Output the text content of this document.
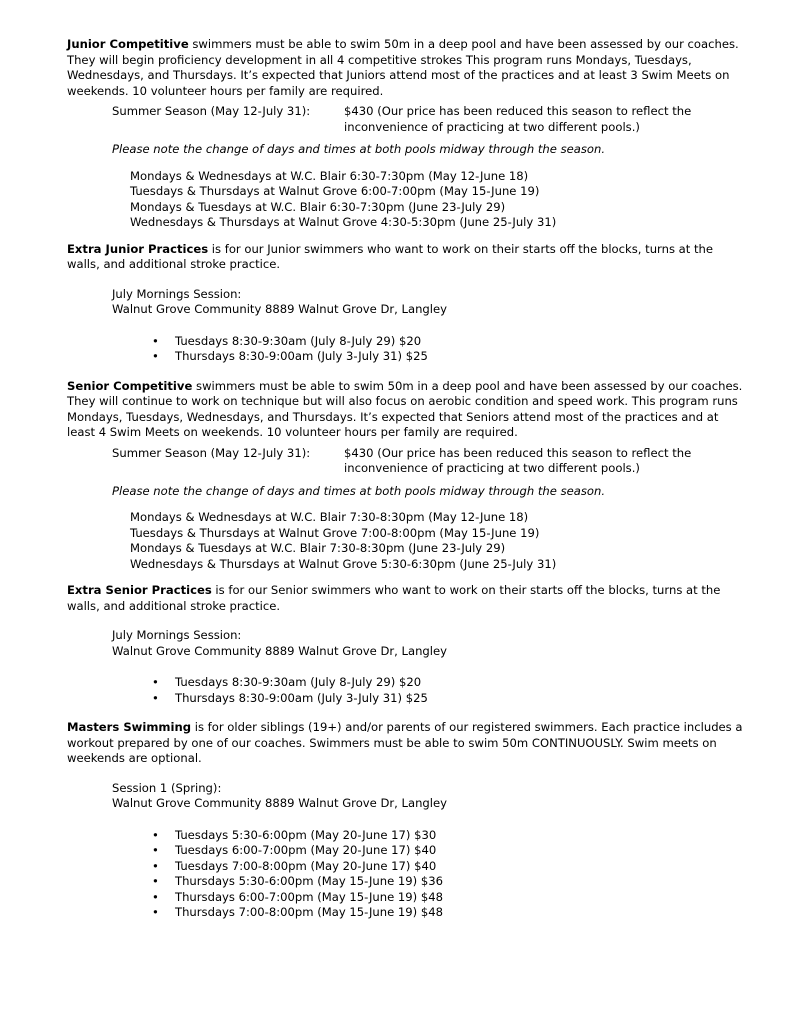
Junior Competitive swimmers must be able to swim 50m in a deep pool and have been assessed by our coaches. They will begin proficiency development in all 4 competitive strokes This program runs Mondays, Tuesdays, Wednesdays, and Thursdays. It’s expected that Juniors attend most of the practices and at least 3 Swim Meets on weekends. 10 volunteer hours per family are required.

Summer Season (May 12-July 31):	$430 (Our price has been reduced this season to reflect the inconvenience of practicing at two different pools.)

Please note the change of days and times at both pools midway through the season.

Mondays & Wednesdays at W.C. Blair 6:30-7:30pm (May 12-June 18)
Tuesdays & Thursdays at Walnut Grove 6:00-7:00pm (May 15-June 19)
Mondays & Tuesdays at W.C. Blair 6:30-7:30pm (June 23-July 29)
Wednesdays & Thursdays at Walnut Grove 4:30-5:30pm (June 25-July 31)

Extra Junior Practices is for our Junior swimmers who want to work on their starts off the blocks, turns at the walls, and additional stroke practice.

July Mornings Session:
Walnut Grove Community 8889 Walnut Grove Dr, Langley
• Tuesdays 8:30-9:30am (July 8-July 29) $20
• Thursdays 8:30-9:00am (July 3-July 31) $25

Senior Competitive swimmers must be able to swim 50m in a deep pool and have been assessed by our coaches. They will continue to work on technique but will also focus on aerobic condition and speed work. This program runs Mondays, Tuesdays, Wednesdays, and Thursdays. It’s expected that Seniors attend most of the practices and at least 4 Swim Meets on weekends. 10 volunteer hours per family are required.

Summer Season (May 12-July 31):	$430 (Our price has been reduced this season to reflect the inconvenience of practicing at two different pools.)

Please note the change of days and times at both pools midway through the season.

Mondays & Wednesdays at W.C. Blair 7:30-8:30pm (May 12-June 18)
Tuesdays & Thursdays at Walnut Grove 7:00-8:00pm (May 15-June 19)
Mondays & Tuesdays at W.C. Blair 7:30-8:30pm (June 23-July 29)
Wednesdays & Thursdays at Walnut Grove 5:30-6:30pm (June 25-July 31)

Extra Senior Practices is for our Senior swimmers who want to work on their starts off the blocks, turns at the walls, and additional stroke practice.

July Mornings Session:
Walnut Grove Community 8889 Walnut Grove Dr, Langley
• Tuesdays 8:30-9:30am (July 8-July 29) $20
• Thursdays 8:30-9:00am (July 3-July 31) $25

Masters Swimming is for older siblings (19+) and/or parents of our registered swimmers. Each practice includes a workout prepared by one of our coaches. Swimmers must be able to swim 50m CONTINUOUSLY. Swim meets on weekends are optional.

Session 1 (Spring):
Walnut Grove Community 8889 Walnut Grove Dr, Langley
• Tuesdays 5:30-6:00pm (May 20-June 17) $30
• Tuesdays 6:00-7:00pm (May 20-June 17) $40
• Tuesdays 7:00-8:00pm (May 20-June 17) $40
• Thursdays 5:30-6:00pm (May 15-June 19) $36
• Thursdays 6:00-7:00pm (May 15-June 19) $48
• Thursdays 7:00-8:00pm (May 15-June 19) $48
